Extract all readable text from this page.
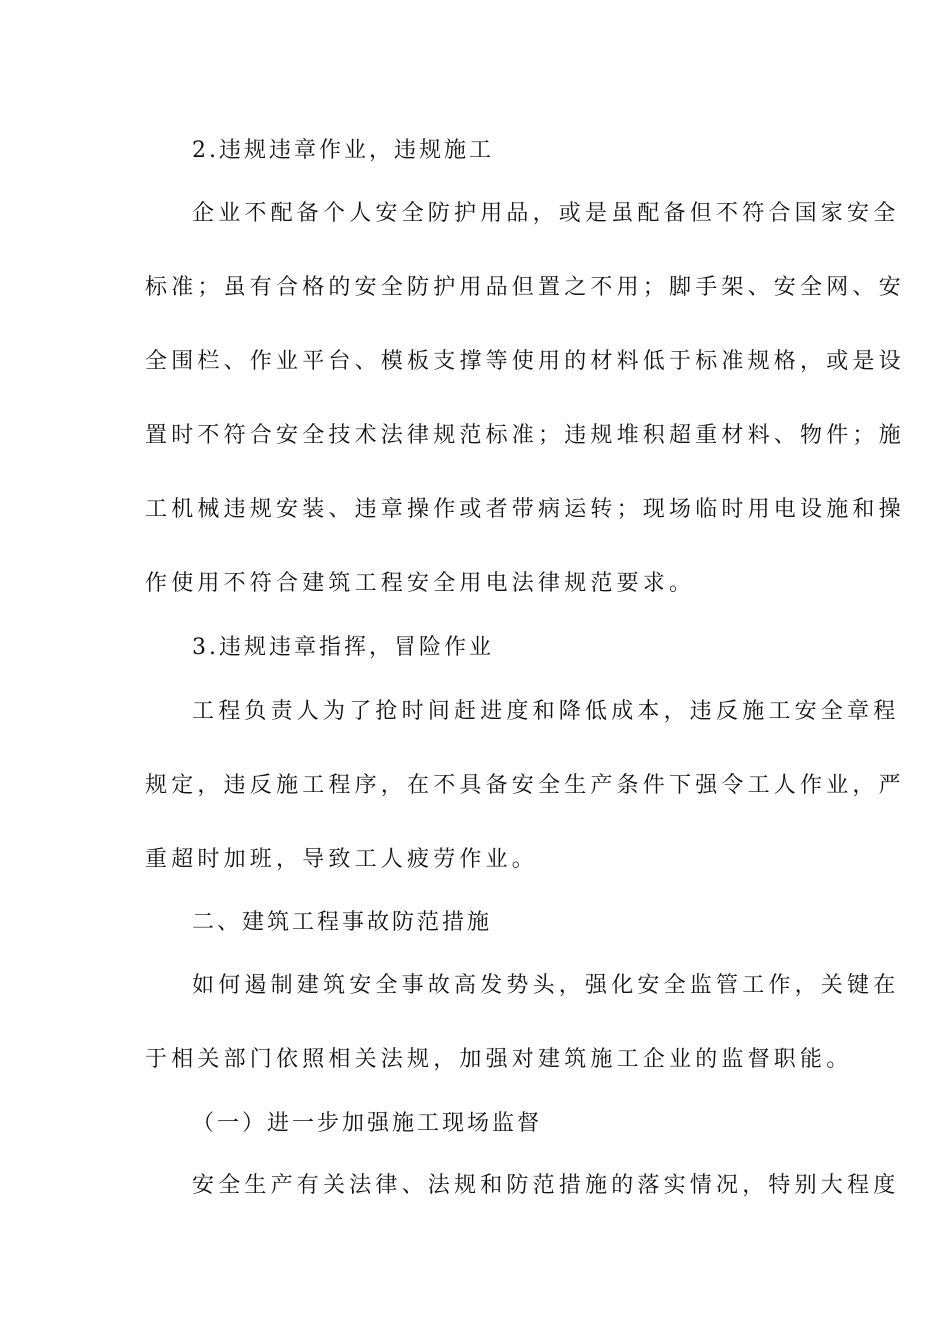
2.违规违章作业，违规施工
企业不配备个人安全防护用品，或是虽配备但不符合国家安全
标准；虽有合格的安全防护用品但置之不用；脚手架、安全网、安
全围栏、作业平台、模板支撑等使用的材料低于标准规格，或是设
置时不符合安全技术法律规范标准；违规堆积超重材料、物件；施
工机械违规安装、违章操作或者带病运转；现场临时用电设施和操
作使用不符合建筑工程安全用电法律规范要求。
3.违规违章指挥，冒险作业
工程负责人为了抢时间赶进度和降低成本，违反施工安全章程
规定，违反施工程序，在不具备安全生产条件下强令工人作业，严
重超时加班，导致工人疲劳作业。
二、建筑工程事故防范措施
如何遏制建筑安全事故高发势头，强化安全监管工作，关键在
于相关部门依照相关法规，加强对建筑施工企业的监督职能。
（一）进一步加强施工现场监督
安全生产有关法律、法规和防范措施的落实情况，特别大程度
